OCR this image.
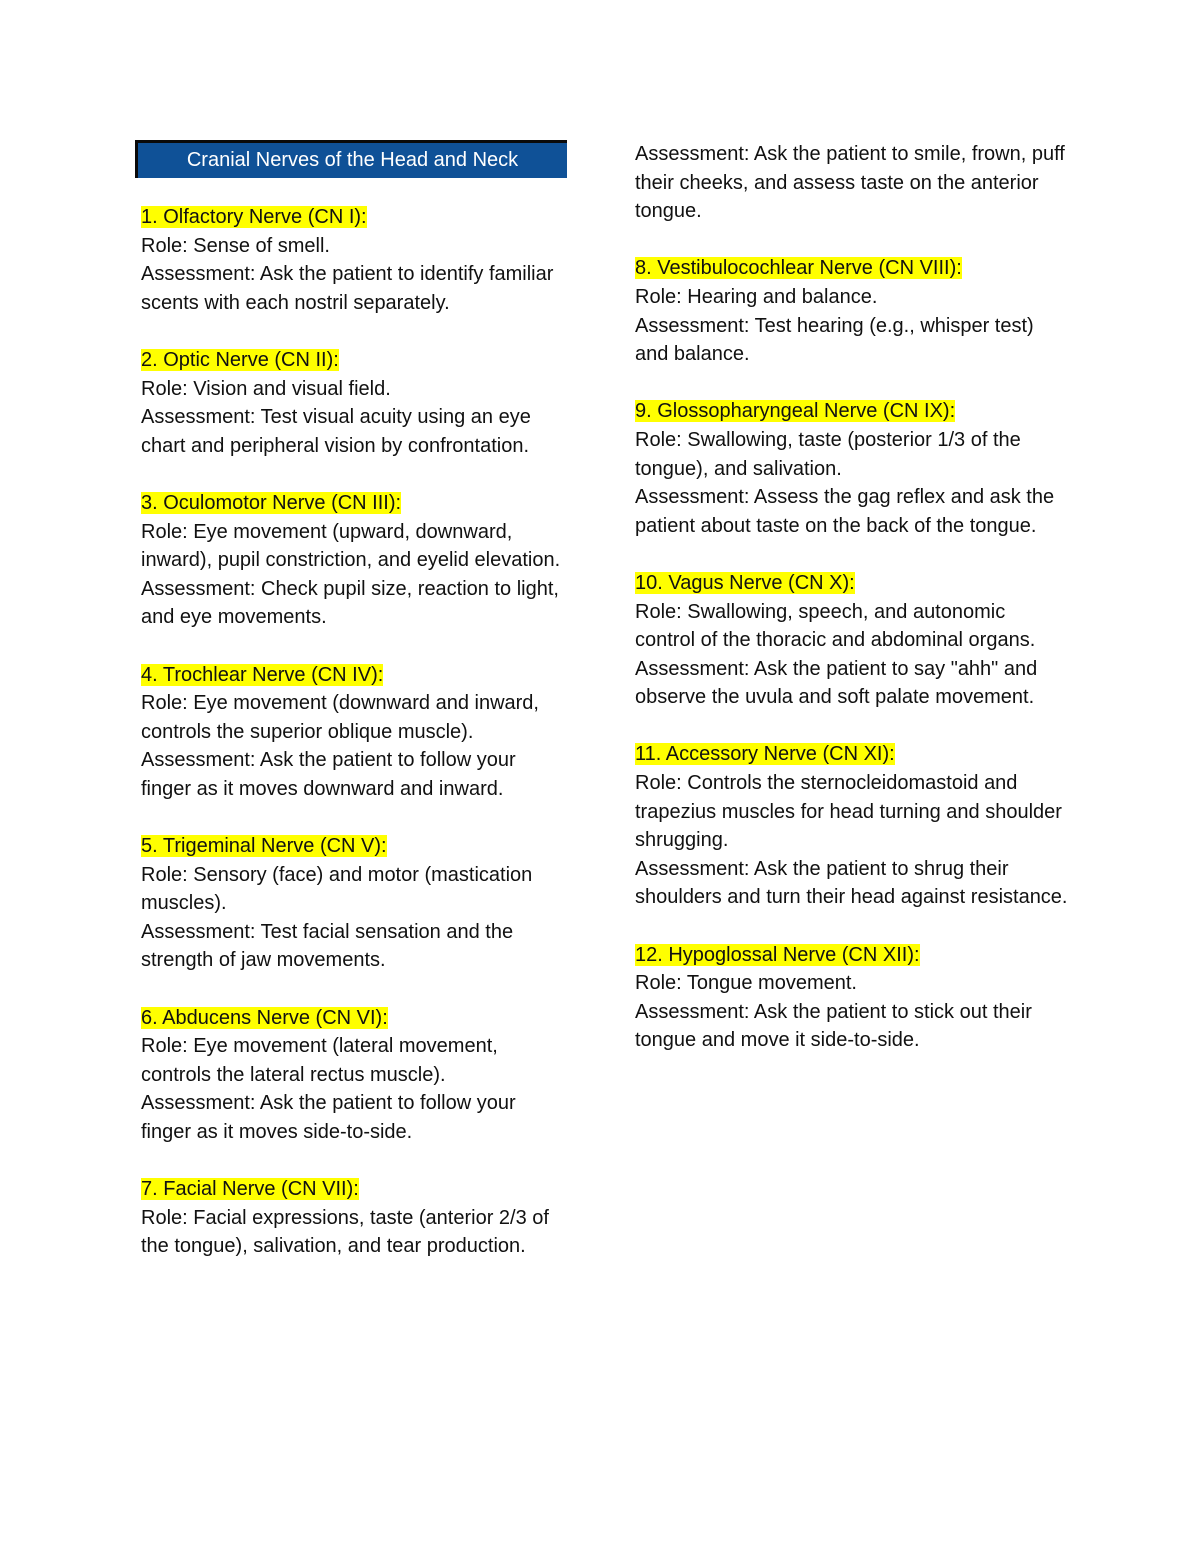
Cranial Nerves of the Head and Neck
1. Olfactory Nerve (CN I):
Role: Sense of smell.
Assessment: Ask the patient to identify familiar scents with each nostril separately.
2. Optic Nerve (CN II):
Role: Vision and visual field.
Assessment: Test visual acuity using an eye chart and peripheral vision by confrontation.
3. Oculomotor Nerve (CN III):
Role: Eye movement (upward, downward, inward), pupil constriction, and eyelid elevation.
Assessment: Check pupil size, reaction to light, and eye movements.
4. Trochlear Nerve (CN IV):
Role: Eye movement (downward and inward, controls the superior oblique muscle).
Assessment: Ask the patient to follow your finger as it moves downward and inward.
5. Trigeminal Nerve (CN V):
Role: Sensory (face) and motor (mastication muscles).
Assessment: Test facial sensation and the strength of jaw movements.
6. Abducens Nerve (CN VI):
Role: Eye movement (lateral movement, controls the lateral rectus muscle).
Assessment: Ask the patient to follow your finger as it moves side-to-side.
7. Facial Nerve (CN VII):
Role: Facial expressions, taste (anterior 2/3 of the tongue), salivation, and tear production.
Assessment: Ask the patient to smile, frown, puff their cheeks, and assess taste on the anterior tongue.
8. Vestibulocochlear Nerve (CN VIII):
Role: Hearing and balance.
Assessment: Test hearing (e.g., whisper test) and balance.
9. Glossopharyngeal Nerve (CN IX):
Role: Swallowing, taste (posterior 1/3 of the tongue), and salivation.
Assessment: Assess the gag reflex and ask the patient about taste on the back of the tongue.
10. Vagus Nerve (CN X):
Role: Swallowing, speech, and autonomic control of the thoracic and abdominal organs.
Assessment: Ask the patient to say "ahh" and observe the uvula and soft palate movement.
11. Accessory Nerve (CN XI):
Role: Controls the sternocleidomastoid and trapezius muscles for head turning and shoulder shrugging.
Assessment: Ask the patient to shrug their shoulders and turn their head against resistance.
12. Hypoglossal Nerve (CN XII):
Role: Tongue movement.
Assessment: Ask the patient to stick out their tongue and move it side-to-side.
